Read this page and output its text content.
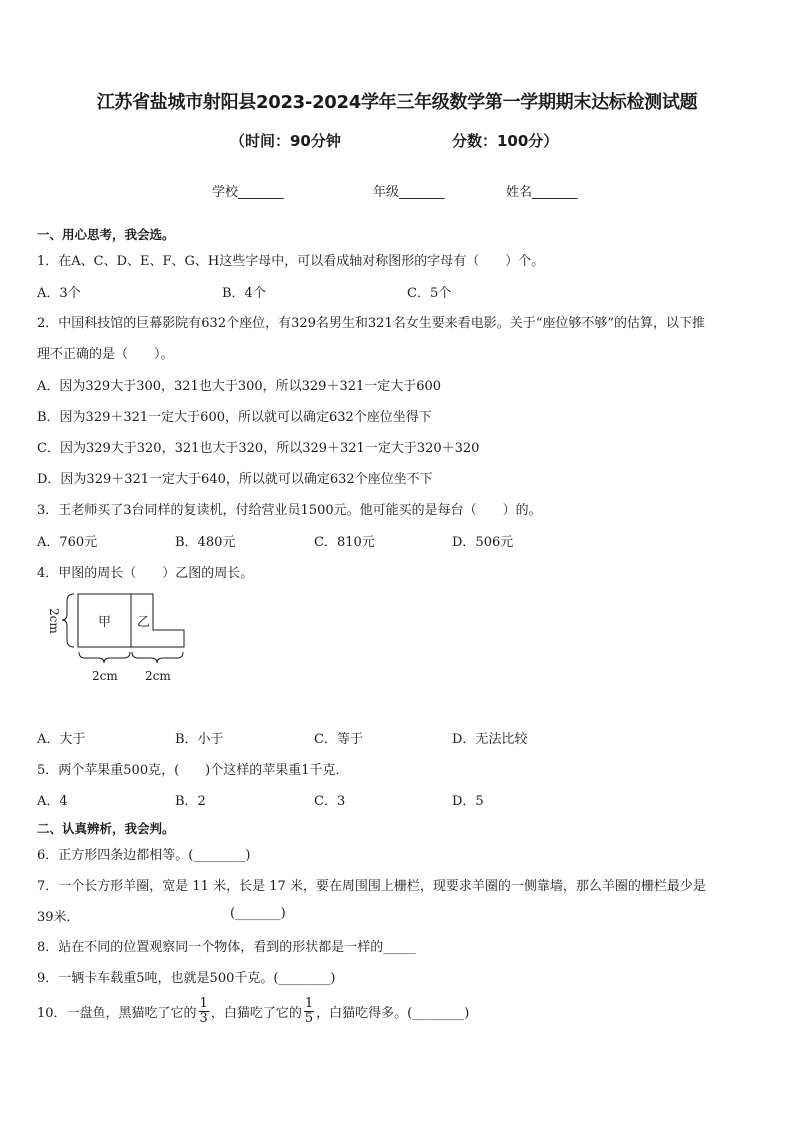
江苏省盐城市射阳县2023-2024学年三年级数学第一学期期末达标检测试题
（时间：90分钟	分数：100分）
学校_______	年级_______	姓名_______
一、用心思考，我会选。
1．在A、C、D、E、F、G、H这些字母中，可以看成轴对称图形的字母有（　　）个。
A．3个	B．4个	C．5个
2．中国科技馆的巨幕影院有632个座位，有329名男生和321名女生要来看电影。关于“座位够不够”的估算，以下推
理不正确的是（　　）。
A．因为329大于300，321也大于300，所以329＋321一定大于600
B．因为329＋321一定大于600，所以就可以确定632个座位坐得下
C．因为329大于320，321也大于320，所以329＋321一定大于320＋320
D．因为329＋321一定大于640，所以就可以确定632个座位坐不下
3．王老师买了3台同样的复读机，付给营业员1500元。他可能买的是每台（　　）的。
A．760元	B．480元	C．810元	D．506元
4．甲图的周长（　　）乙图的周长。
甲 乙
2cm
2cm 2cm
A．大于	B．小于	C．等于	D．无法比较
5．两个苹果重500克，(　　)个这样的苹果重1千克．
A．4	B．2	C．3	D．5
二、认真辨析，我会判。
6．正方形四条边都相等。(________)
7．一个长方形羊圈，宽是 11 米，长是 17 米，要在周围围上栅栏，现要求羊圈的一侧靠墙，那么羊圈的栅栏最少是
39米．	(_______)
8．站在不同的位置观察同一个物体，看到的形状都是一样的_____
9．一辆卡车载重5吨，也就是500千克。(________)
10．一盘鱼，黑猫吃了它的 $\frac{1}{3}$ ，白猫吃了它的 $\frac{1}{5}$ ，白猫吃得多。(________)
